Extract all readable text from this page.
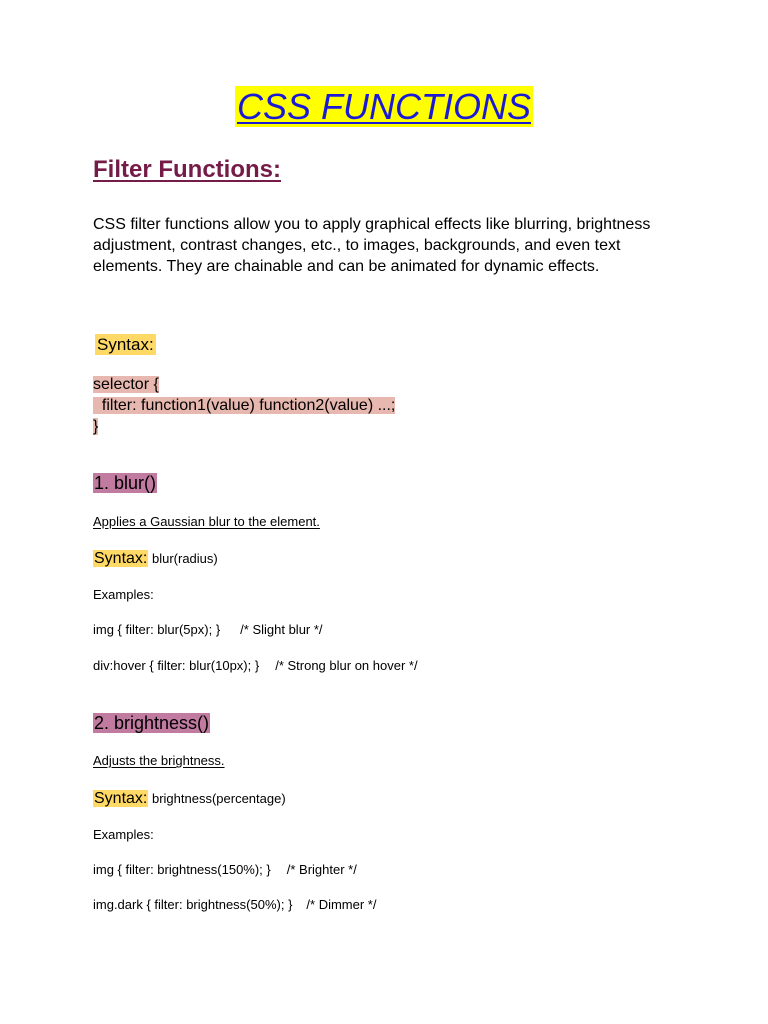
CSS FUNCTIONS
Filter Functions:
CSS filter functions allow you to apply graphical effects like blurring, brightness adjustment, contrast changes, etc., to images, backgrounds, and even text elements. They are chainable and can be animated for dynamic effects.
Syntax:
selector {
filter: function1(value) function2(value) ...;
}
1. blur()
Applies a Gaussian blur to the element.
Syntax: blur(radius)
Examples:
img { filter: blur(5px); } /* Slight blur */
div:hover { filter: blur(10px); } /* Strong blur on hover */
2. brightness()
Adjusts the brightness.
Syntax: brightness(percentage)
Examples:
img { filter: brightness(150%); } /* Brighter */
img.dark { filter: brightness(50%); } /* Dimmer */
